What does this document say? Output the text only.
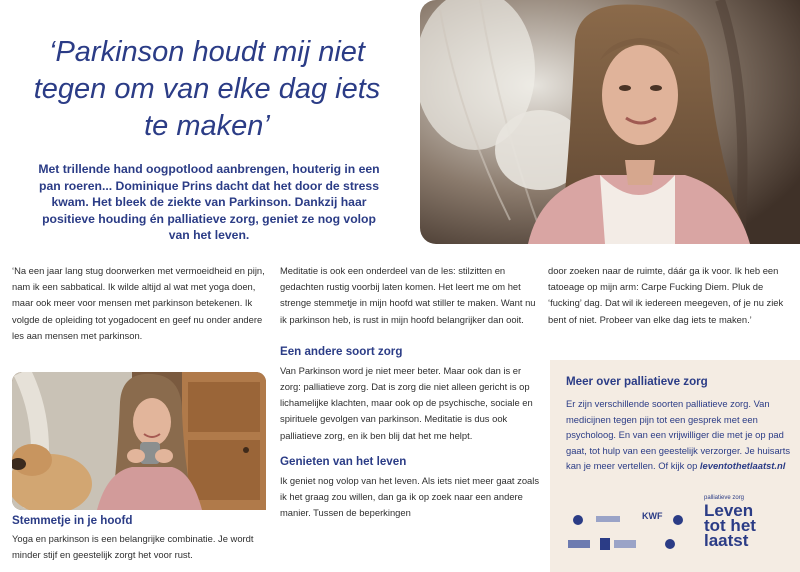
‘Parkinson houdt mij niet tegen om van elke dag iets te maken’
Met trillende hand oogpotlood aanbrengen, houterig in een pan roeren... Dominique Prins dacht dat het door de stress kwam. Het bleek de ziekte van Parkinson. Dankzij haar positieve houding én palliatieve zorg, geniet ze nog volop van het leven.

‘Na een jaar lang stug doorwerken met vermoeidheid en pijn, nam ik een sabbatical. Ik wilde altijd al wat met yoga doen, maar ook meer voor mensen met parkinson betekenen. Ik volgde de opleiding tot yogadocent en geef nu onder andere les aan mensen met parkinson.

Stemmetje in je hoofd

Yoga en parkinson is een belangrijke combinatie. Je wordt minder stijf en geestelijk zorgt het voor rust.

Meditatie is ook een onderdeel van de les: stilzitten en gedachten rustig voorbij laten komen. Het leert me om het strenge stemmetje in mijn hoofd wat stiller te maken. Want nu ik parkinson heb, is rust in mijn hoofd belangrijker dan ooit.

Een andere soort zorg

Van Parkinson word je niet meer beter. Maar ook dan is er zorg: palliatieve zorg. Dat is zorg die niet alleen gericht is op lichamelijke klachten, maar ook op de psychische, sociale en spirituele gevolgen van parkinson. Meditatie is dus ook palliatieve zorg, en ik ben blij dat het me helpt.

Genieten van het leven

Ik geniet nog volop van het leven. Als iets niet meer gaat zoals ik het graag zou willen, dan ga ik op zoek naar een andere manier. Tussen de beperkingen

door zoeken naar de ruimte, dáár ga ik voor. Ik heb een tatoeage op mijn arm: Carpe Fucking Diem. Pluk de ‘fucking’ dag. Dat wil ik iedereen meegeven, of je nu ziek bent of niet. Probeer van elke dag iets te maken.’

Meer over palliatieve zorg
Er zijn verschillende soorten palliatieve zorg. Van medicijnen tegen pijn tot een gesprek met een psycholoog. En van een vrijwilliger die met je op pad gaat, tot hulp van een geestelijk verzorger. Je huisarts kan je meer vertellen. Of kijk op leventothetlaatst.nl
KWF
palliatieve zorg
Leven
tot het
laatst
